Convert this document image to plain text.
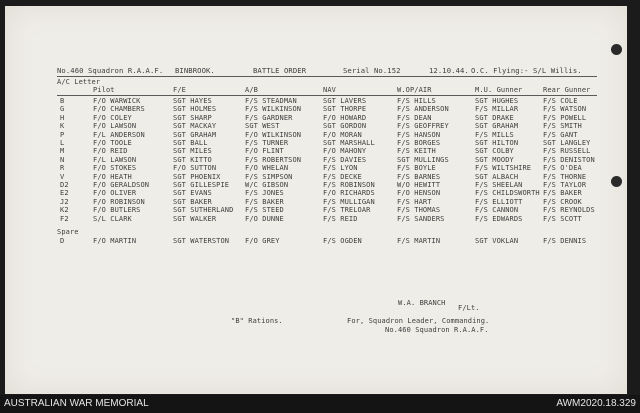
No.460 Squadron R.A.A.F. BINBROOK.	BATTLE ORDER	Serial No.152	12.10.44. O.C. Flying:- S/L Willis.
A/C Letter
Pilot	F/E	A/B	NAV	W.OP/AIR	M.U. Gunner	Rear Gunner
B	F/O WARWICK	SGT HAYES	F/S STEADMAN	SGT LAVERS	F/S HILLS	SGT HUGHES	F/S COLE
G	F/O CHAMBERS	SGT HOLMES	F/S WILKINSON	SGT THORPE	F/S ANDERSON	F/S MILLAR	F/S WATSON
H	F/O COLEY	SGT SHARP	F/S GARDNER	F/O HOWARD	F/S DEAN	SGT DRAKE	F/S POWELL
K	F/O LAWSON	SGT MACKAY	SGT WEST	SGT GORDON	F/S GEOFFREY	SGT GRAHAM	F/S SMITH
P	F/L ANDERSON	SGT GRAHAM	F/O WILKINSON	F/O MORAN	F/S HANSON	F/S MILLS	F/S GANT
L	F/O TOOLE	SGT BALL	F/S TURNER	SGT MARSHALL	F/S BORGES	SGT HILTON	SGT LANGLEY
M	F/O REID	SGT MILES	F/O FLINT	F/O MAHONY	F/S KEITH	SGT COLBY	F/S RUSSELL
N	F/L LAWSON	SGT KITTO	F/S ROBERTSON	F/S DAVIES	SGT MULLINGS	SGT MOODY	F/S DENISTON
R	F/O STOKES	F/O SUTTON	F/O WHELAN	F/S LYON	F/S BOYLE	F/S WILTSHIRE F/S O'DEA
V	F/O HEATH	SGT PHOENIX	F/S SIMPSON	F/S DECKE	F/S BARNES	SGT ALBACH	F/S THORNE
D2	F/O GERALDSON	SGT GILLESPIE W/C GIBSON	F/S ROBINSON	W/O HEWITT	F/S SHEELAN	F/S TAYLOR
E2	F/O OLIVER	SGT EVANS	F/S JONES	F/O RICHARDS	F/O HENSON	F/S CHILDSWORTH F/S BAKER
J2	F/O ROBINSON	SGT BAKER	F/S BAKER	F/S MULLIGAN	F/S HART	F/S ELLIOTT	F/S CROOK
K2	F/O BUTLERS	SGT SUTHERLAND F/S STEED	F/S TRELOAR	F/S THOMAS	F/S CANNON	F/S REYNOLDS
F2	S/L CLARK	SGT WALKER	F/O DUNNE	F/S REID	F/S SANDERS	F/S EDWARDS	F/S SCOTT
Spare
D	F/O MARTIN	SGT WATERSTON F/O GREY	F/S OGDEN	F/S MARTIN	SGT VOKLAN	F/S DENNIS
W.A. BRANCH
F/Lt.
"B" Rations.	For, Squadron Leader, Commanding.
No.460 Squadron R.A.A.F.
AUSTRALIAN WAR MEMORIAL	AWM2020.18.329
